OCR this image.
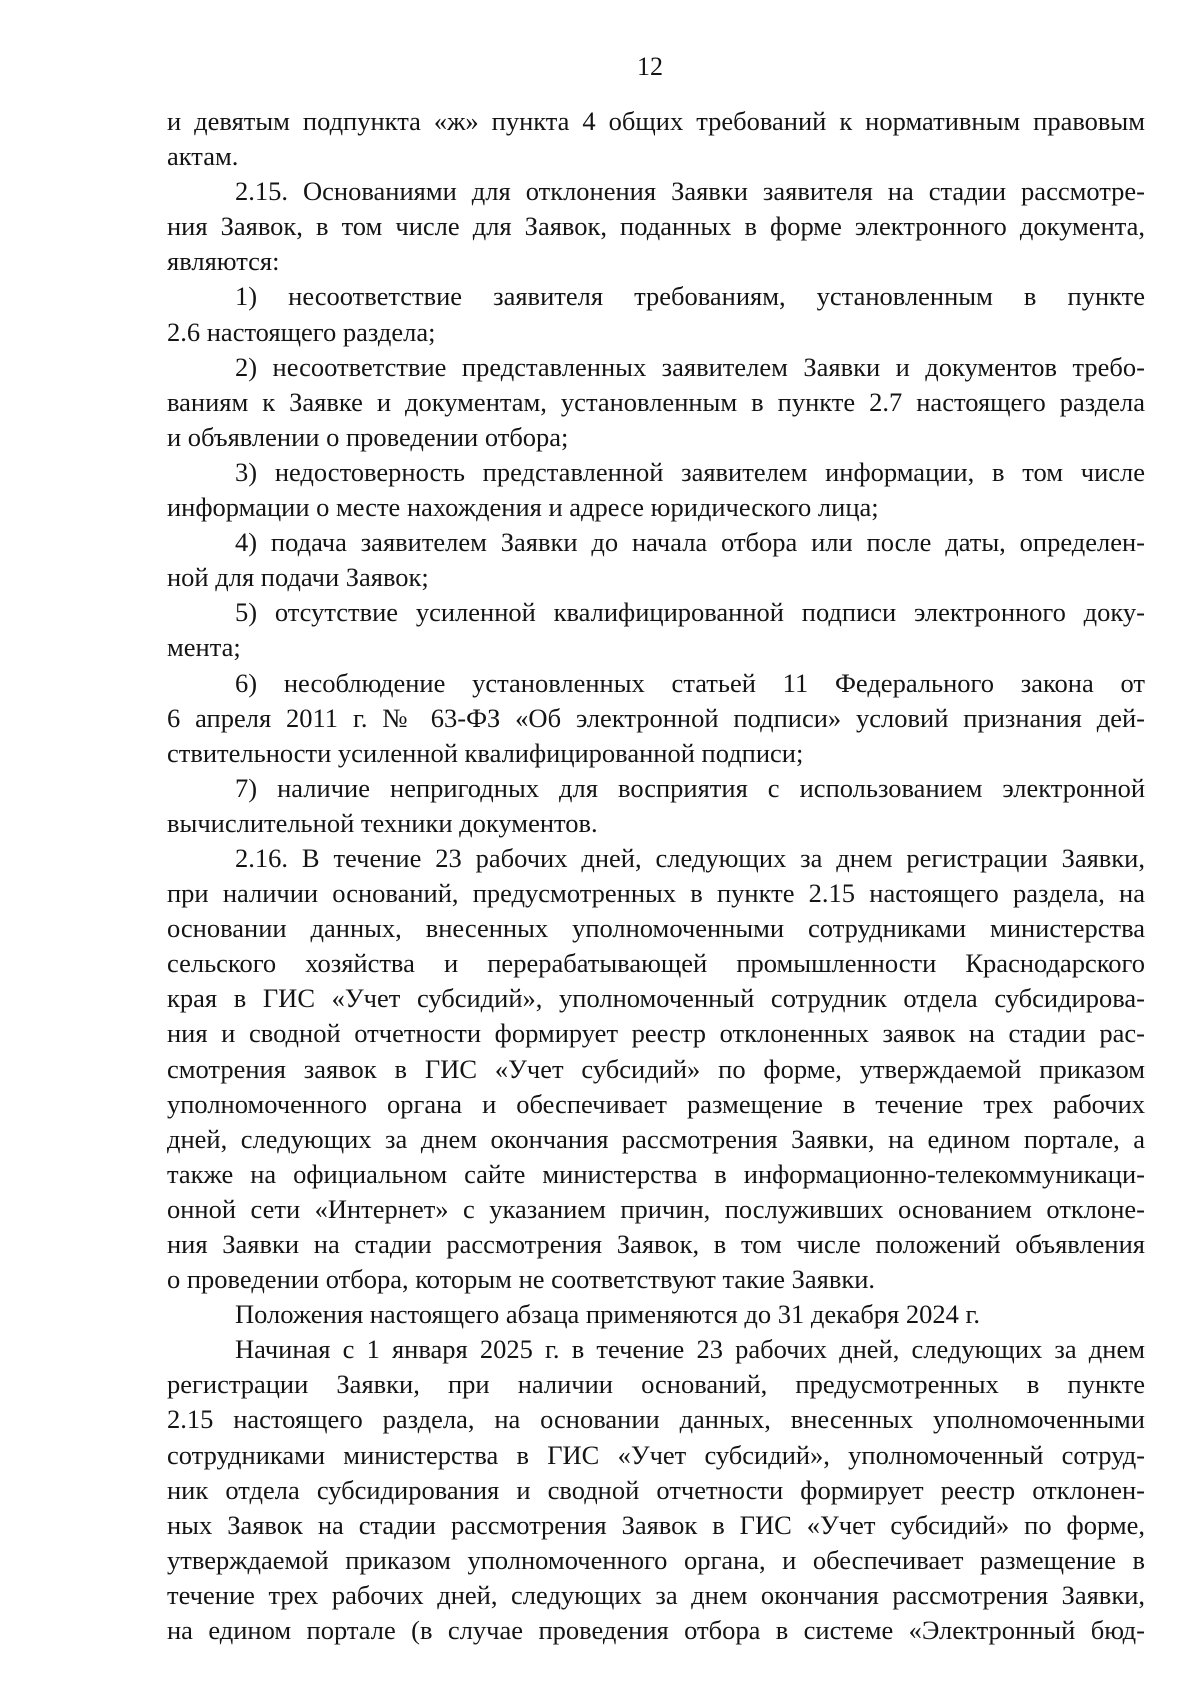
12
и девятым подпункта «ж» пункта 4 общих требований к нормативным правовым
актам.
2.15. Основаниями для отклонения Заявки заявителя на стадии рассмотре-
ния Заявок, в том числе для Заявок, поданных в форме электронного документа,
являются:
1) несоответствие заявителя требованиям, установленным в пункте
2.6 настоящего раздела;
2) несоответствие представленных заявителем Заявки и документов требо-
ваниям к Заявке и документам, установленным в пункте 2.7 настоящего раздела
и объявлении о проведении отбора;
3) недостоверность представленной заявителем информации, в том числе
информации о месте нахождения и адресе юридического лица;
4) подача заявителем Заявки до начала отбора или после даты, определен-
ной для подачи Заявок;
5) отсутствие усиленной квалифицированной подписи электронного доку-
мента;
6) несоблюдение установленных статьей 11 Федерального закона от
6 апреля 2011 г. № 63-ФЗ «Об электронной подписи» условий признания дей-
ствительности усиленной квалифицированной подписи;
7) наличие непригодных для восприятия с использованием электронной
вычислительной техники документов.
2.16. В течение 23 рабочих дней, следующих за днем регистрации Заявки,
при наличии оснований, предусмотренных в пункте 2.15 настоящего раздела, на
основании данных, внесенных уполномоченными сотрудниками министерства
сельского хозяйства и перерабатывающей промышленности Краснодарского
края в ГИС «Учет субсидий», уполномоченный сотрудник отдела субсидирова-
ния и сводной отчетности формирует реестр отклоненных заявок на стадии рас-
смотрения заявок в ГИС «Учет субсидий» по форме, утверждаемой приказом
уполномоченного органа и обеспечивает размещение в течение трех рабочих
дней, следующих за днем окончания рассмотрения Заявки, на едином портале, а
также на официальном сайте министерства в информационно-телекоммуникаци-
онной сети «Интернет» с указанием причин, послуживших основанием отклоне-
ния Заявки на стадии рассмотрения Заявок, в том числе положений объявления
о проведении отбора, которым не соответствуют такие Заявки.
Положения настоящего абзаца применяются до 31 декабря 2024 г.
Начиная с 1 января 2025 г. в течение 23 рабочих дней, следующих за днем
регистрации Заявки, при наличии оснований, предусмотренных в пункте
2.15 настоящего раздела, на основании данных, внесенных уполномоченными
сотрудниками министерства в ГИС «Учет субсидий», уполномоченный сотруд-
ник отдела субсидирования и сводной отчетности формирует реестр отклонен-
ных Заявок на стадии рассмотрения Заявок в ГИС «Учет субсидий» по форме,
утверждаемой приказом уполномоченного органа, и обеспечивает размещение в
течение трех рабочих дней, следующих за днем окончания рассмотрения Заявки,
на едином портале (в случае проведения отбора в системе «Электронный бюд-
